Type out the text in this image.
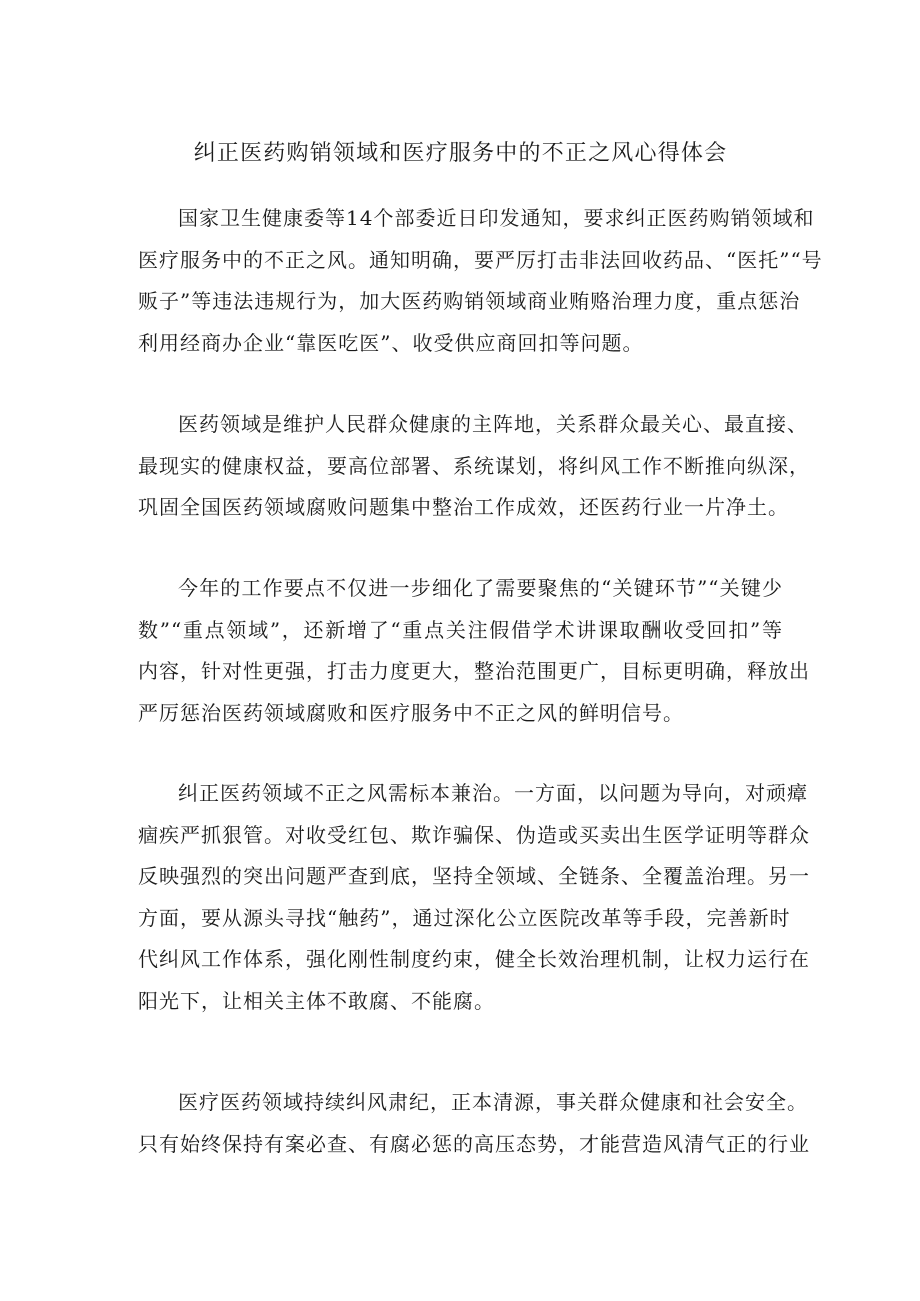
纠正医药购销领域和医疗服务中的不正之风心得体会
国家卫生健康委等14个部委近日印发通知，要求纠正医药购销领域和
医疗服务中的不正之风。通知明确，要严厉打击非法回收药品、“医托”“号
贩子”等违法违规行为，加大医药购销领域商业贿赂治理力度，重点惩治
利用经商办企业“靠医吃医”、收受供应商回扣等问题。
医药领域是维护人民群众健康的主阵地，关系群众最关心、最直接、
最现实的健康权益，要高位部署、系统谋划，将纠风工作不断推向纵深，
巩固全国医药领域腐败问题集中整治工作成效，还医药行业一片净土。
今年的工作要点不仅进一步细化了需要聚焦的“关键环节”“关键少
数”“重点领域”，还新增了“重点关注假借学术讲课取酬收受回扣”等
内容，针对性更强，打击力度更大，整治范围更广，目标更明确，释放出
严厉惩治医药领域腐败和医疗服务中不正之风的鲜明信号。
纠正医药领域不正之风需标本兼治。一方面，以问题为导向，对顽瘴
痼疾严抓狠管。对收受红包、欺诈骗保、伪造或买卖出生医学证明等群众
反映强烈的突出问题严查到底，坚持全领域、全链条、全覆盖治理。另一
方面，要从源头寻找“触药”，通过深化公立医院改革等手段，完善新时
代纠风工作体系，强化刚性制度约束，健全长效治理机制，让权力运行在
阳光下，让相关主体不敢腐、不能腐。
医疗医药领域持续纠风肃纪，正本清源，事关群众健康和社会安全。
只有始终保持有案必查、有腐必惩的高压态势，才能营造风清气正的行业
